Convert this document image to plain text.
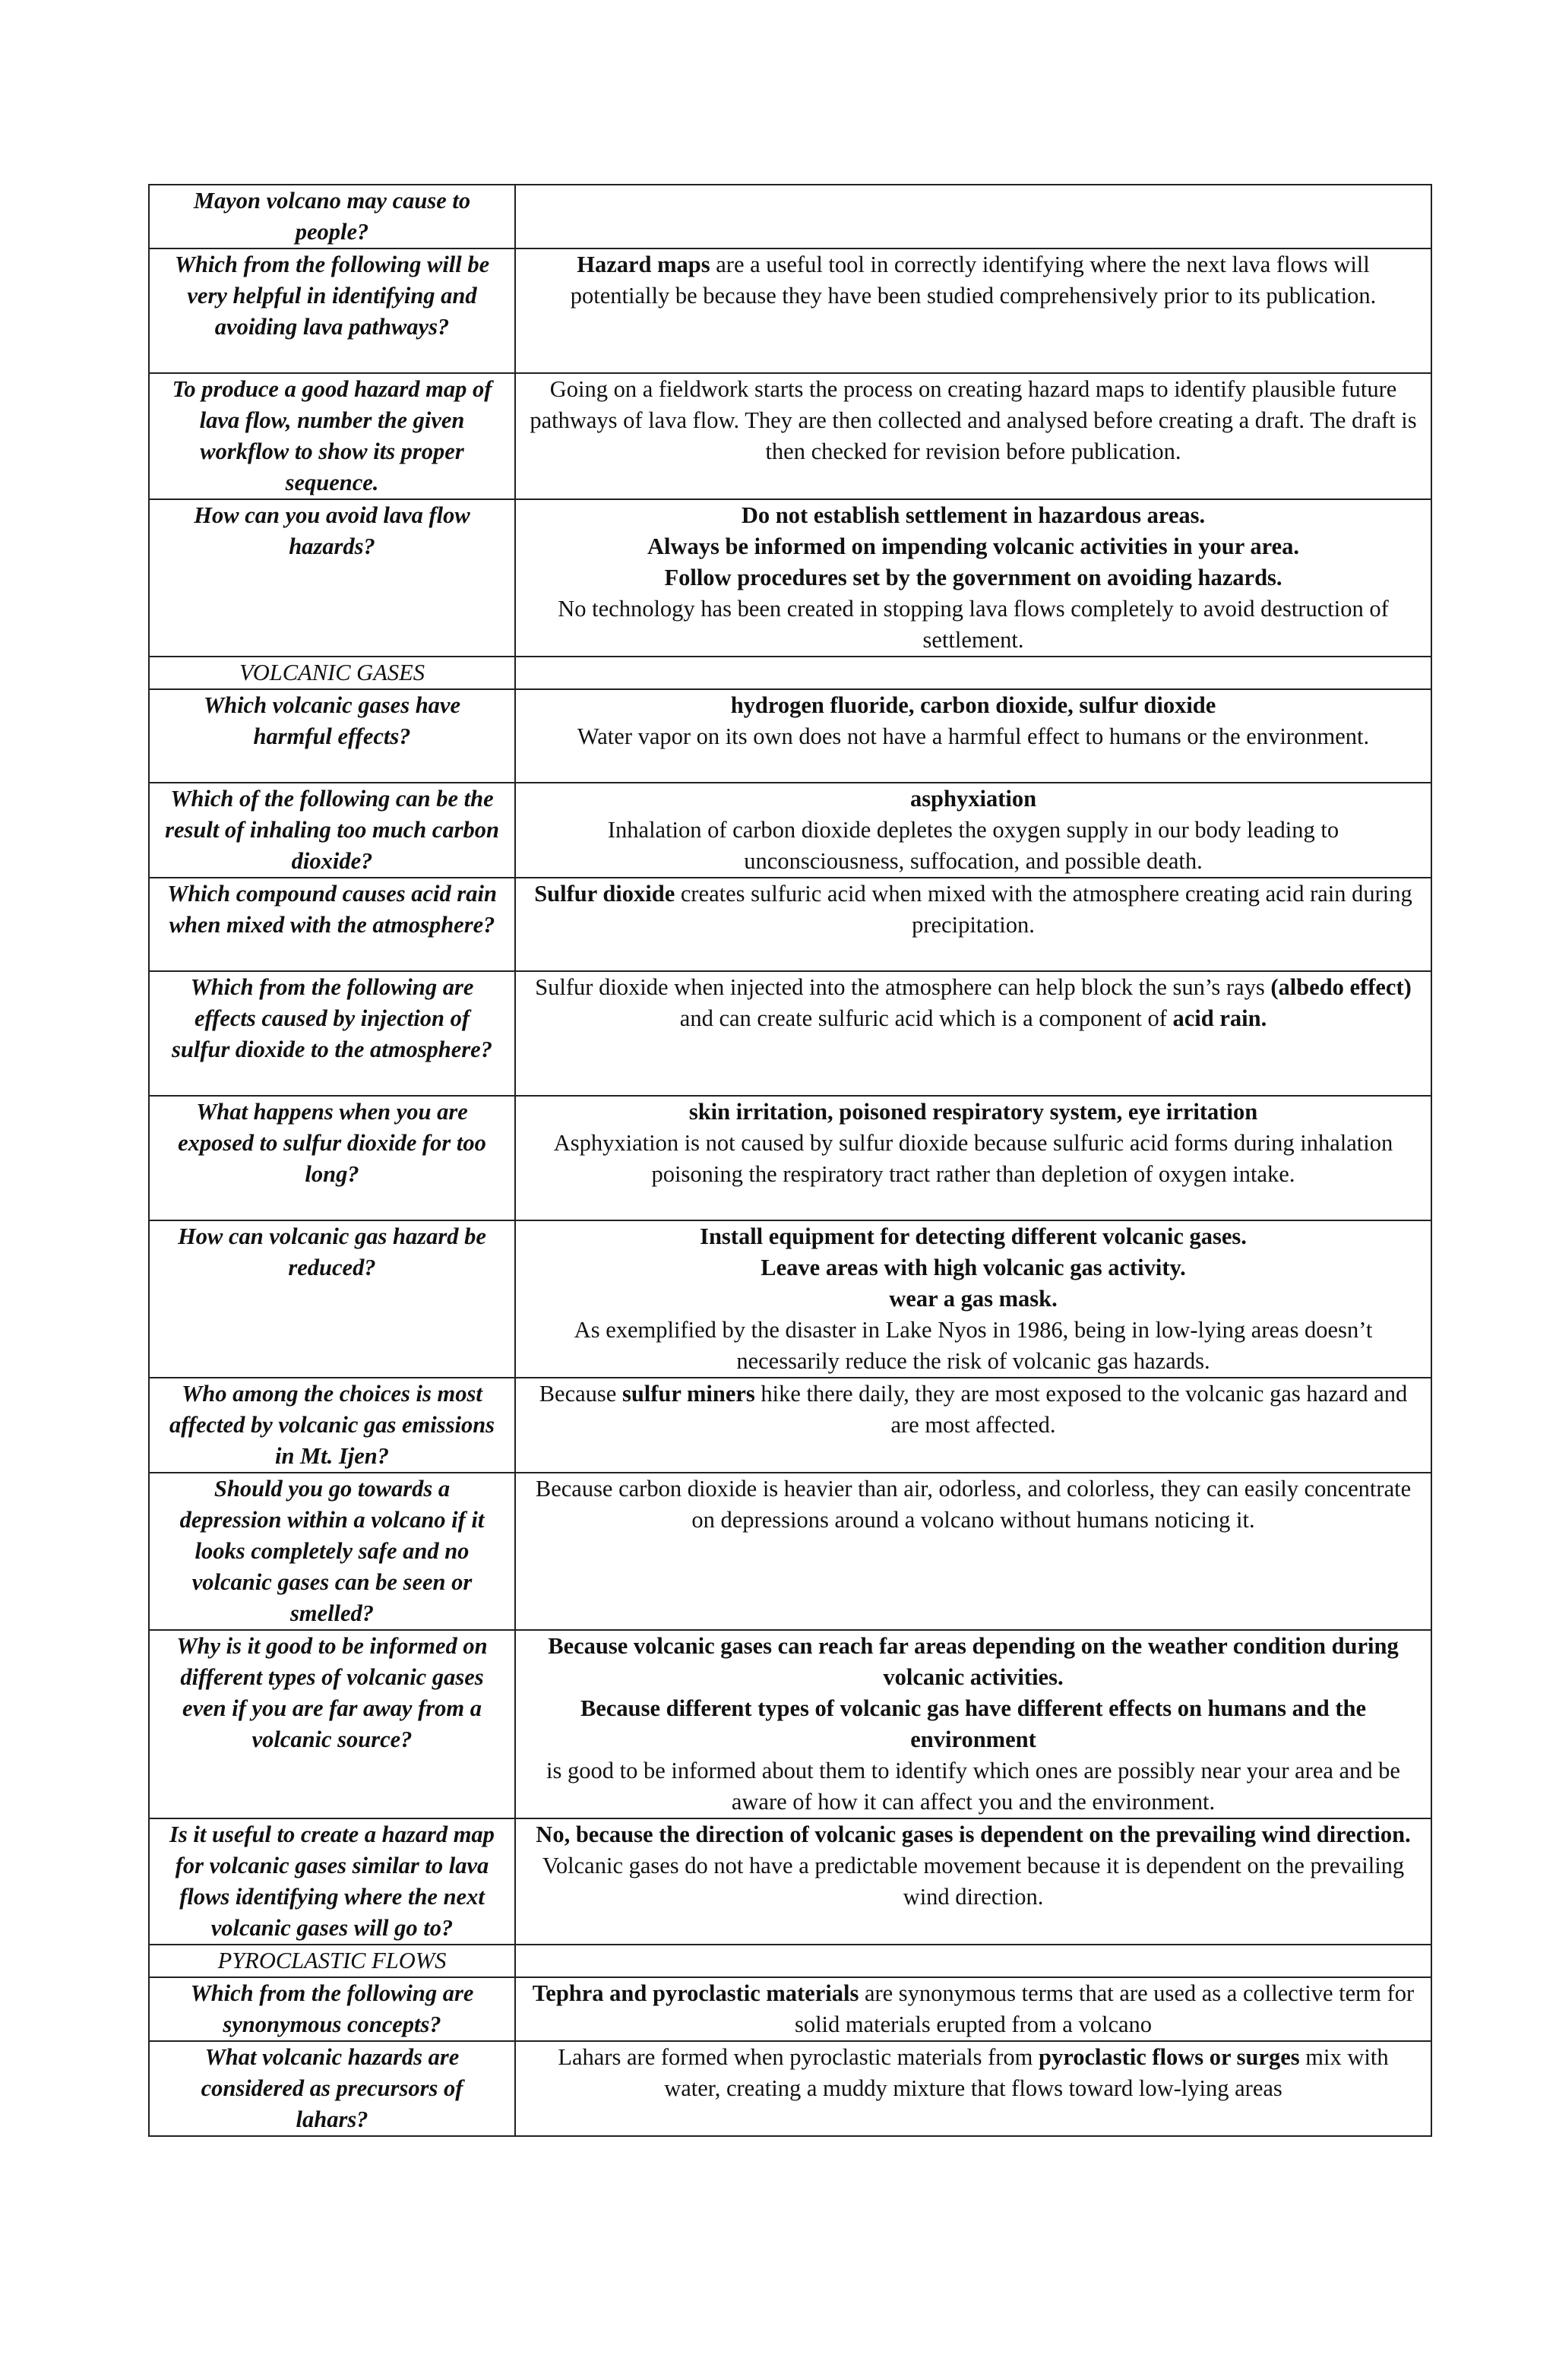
Mayon volcano may cause to people?	
Which from the following will be very helpful in identifying and avoiding lava pathways?	Hazard maps are a useful tool in correctly identifying where the next lava flows will potentially be because they have been studied comprehensively prior to its publication.

To produce a good hazard map of lava flow, number the given workflow to show its proper sequence.	Going on a fieldwork starts the process on creating hazard maps to identify plausible future pathways of lava flow. They are then collected and analysed before creating a draft. The draft is then checked for revision before publication.

How can you avoid lava flow hazards?	Do not establish settlement in hazardous areas.
Always be informed on impending volcanic activities in your area.
Follow procedures set by the government on avoiding hazards.
No technology has been created in stopping lava flows completely to avoid destruction of settlement.

VOLCANIC GASES	
Which volcanic gases have harmful effects?	hydrogen fluoride, carbon dioxide, sulfur dioxide
Water vapor on its own does not have a harmful effect to humans or the environment.

Which of the following can be the result of inhaling too much carbon dioxide?	asphyxiation
Inhalation of carbon dioxide depletes the oxygen supply in our body leading to unconsciousness, suffocation, and possible death.

Which compound causes acid rain when mixed with the atmosphere?	Sulfur dioxide creates sulfuric acid when mixed with the atmosphere creating acid rain during precipitation.

Which from the following are effects caused by injection of sulfur dioxide to the atmosphere?	Sulfur dioxide when injected into the atmosphere can help block the sun’s rays (albedo effect) and can create sulfuric acid which is a component of acid rain.

What happens when you are exposed to sulfur dioxide for too long?	skin irritation, poisoned respiratory system, eye irritation
Asphyxiation is not caused by sulfur dioxide because sulfuric acid forms during inhalation poisoning the respiratory tract rather than depletion of oxygen intake.

How can volcanic gas hazard be reduced?	Install equipment for detecting different volcanic gases.
Leave areas with high volcanic gas activity.
wear a gas mask.
As exemplified by the disaster in Lake Nyos in 1986, being in low-lying areas doesn’t necessarily reduce the risk of volcanic gas hazards.

Who among the choices is most affected by volcanic gas emissions in Mt. Ijen?	Because sulfur miners hike there daily, they are most exposed to the volcanic gas hazard and are most affected.

Should you go towards a depression within a volcano if it looks completely safe and no volcanic gases can be seen or smelled?	Because carbon dioxide is heavier than air, odorless, and colorless, they can easily concentrate on depressions around a volcano without humans noticing it.

Why is it good to be informed on different types of volcanic gases even if you are far away from a volcanic source?	Because volcanic gases can reach far areas depending on the weather condition during volcanic activities.
Because different types of volcanic gas have different effects on humans and the environment
is good to be informed about them to identify which ones are possibly near your area and be aware of how it can affect you and the environment.

Is it useful to create a hazard map for volcanic gases similar to lava flows identifying where the next volcanic gases will go to?	No, because the direction of volcanic gases is dependent on the prevailing wind direction.
Volcanic gases do not have a predictable movement because it is dependent on the prevailing wind direction.

PYROCLASTIC FLOWS	
Which from the following are synonymous concepts?	Tephra and pyroclastic materials are synonymous terms that are used as a collective term for solid materials erupted from a volcano

What volcanic hazards are considered as precursors of lahars?	Lahars are formed when pyroclastic materials from pyroclastic flows or surges mix with water, creating a muddy mixture that flows toward low-lying areas
